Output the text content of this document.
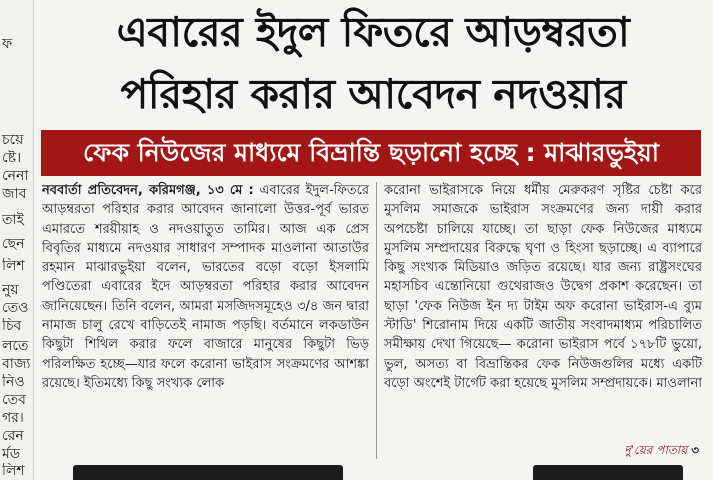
ফ
চয়ে
ষ্টে।
নেনা
জাব
তাই
ছেন
লিশ
নুয়
তেও
চিব
লতে
বাজ্য
নিও
তেব
গর।
রেন
র্মড
লিশ
এবারের ইদুল ফিতরে আড়ম্বরতা
পরিহার করার আবেদন নদওয়ার
ফেক নিউজের মাধ্যমে বিভ্রান্তি ছড়ানো হচ্ছে : মাঝারভুইয়া
নববার্তা প্রতিবেদন, করিমগঞ্জ, ১৩ মে : এবারের ইদুল-ফিতরে আড়ম্বরতা পরিহার করার আবেদন জানালো উত্তর-পূর্ব ভারত এমারতে শরয়ীয়াহ ও নদওয়াতুত তামির। আজ এক প্রেস বিবৃতির মাধ্যমে নদওয়ার সাধারণ সম্পাদক মাওলানা আতাউর রহমান মাঝারভুইয়া বলেন, ভারতের বড়ো বড়ো ইসলামি পণ্ডিতেরা এবারের ইদে আড়ম্বরতা পরিহার করার আবেদন জানিয়েছেন। তিনি বলেন, আমরা মসজিদসমূহেও ৩/৪ জন দ্বারা নামাজ চালু রেখে বাড়িতেই নামাজ পড়ছি। বর্তমানে লকডাউন কিছুটা শিথিল করার ফলে বাজারে মানুষের কিছুটা ভিড় পরিলক্ষিত হচ্ছে—যার ফলে করোনা ভাইরাস সংক্রমণের আশঙ্কা রয়েছে। ইতিমধ্যে কিছু সংখ্যক লোক
করোনা ভাইরাসকে নিয়ে ধর্মীয় মেরুকরণ সৃষ্টির চেষ্টা করে মুসলিম সমাজকে ভাইরাস সংক্রমণের জন্য দায়ী করার অপচেষ্টা চালিয়ে যাচ্ছে। তা ছাড়া ফেক নিউজের মাধ্যমে মুসলিম সম্প্রদায়ের বিরুদ্ধে ঘৃণা ও হিংসা ছড়াচ্ছে। এ ব্যাপারে কিছু সংখ্যক মিডিয়াও জড়িত রয়েছে। যার জন্য রাষ্ট্রসংঘের মহাসচিব এন্তোনিয়ো গুথেরাজও উদ্বেগ প্রকাশ করেছেন। তা ছাড়া 'ফেক নিউজ ইন দ্য টাইম অফ করোনা ভাইরাস-এ ব্যুম স্টাডি' শিরোনাম দিয়ে একটি জাতীয় সংবাদমাধ্যম পরিচালিত সমীক্ষায় দেখা গিয়েছে— করোনা ভাইরাস পর্বে ১৭৮টি ভুয়ো, ভুল, অসত্য বা বিভ্রান্তিকর ফেক নিউজগুলির মধ্যে একটি বড়ো অংশেই টার্গেট করা হয়েছে মুসলিম সম্প্রদায়কে। মাওলানা
দু'য়ের পাতায় ৩
